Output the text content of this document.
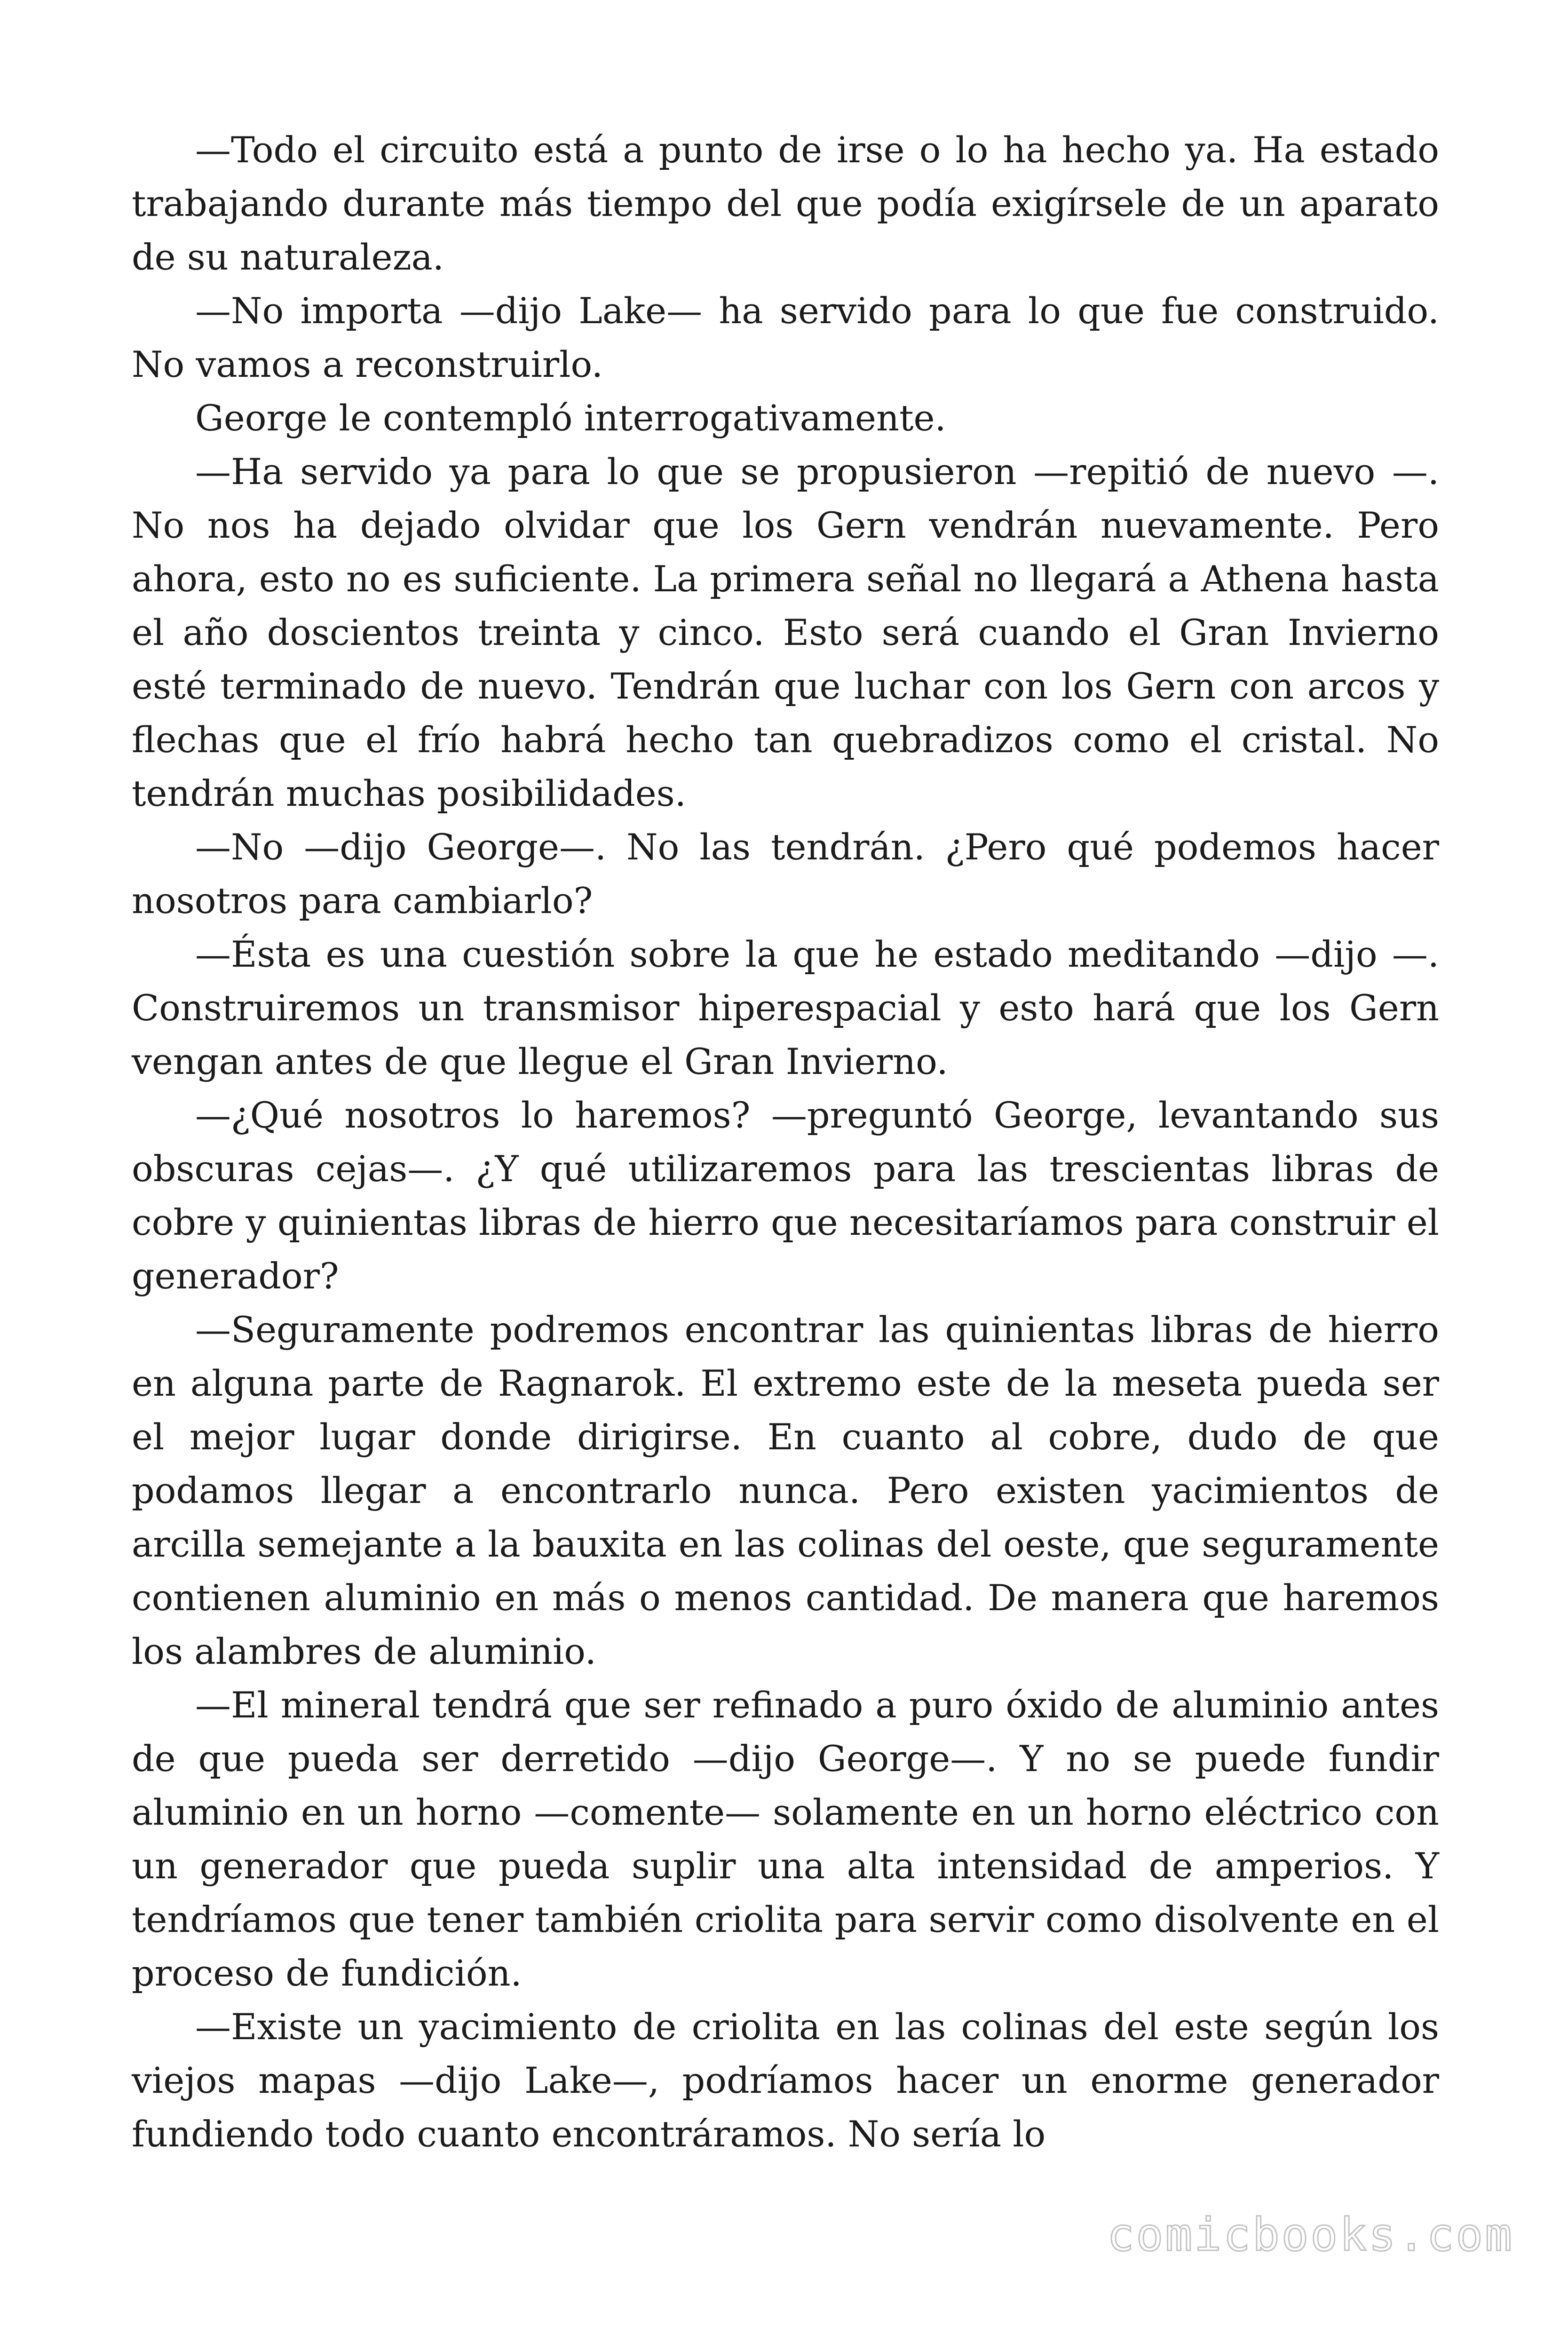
—Todo el circuito está a punto de irse o lo ha hecho ya. Ha estado trabajando durante más tiempo del que podía exigírsele de un aparato de su naturaleza.

—No importa —dijo Lake— ha servido para lo que fue construido. No vamos a reconstruirlo.

George le contempló interrogativamente.

—Ha servido ya para lo que se propusieron —repitió de nuevo —. No nos ha dejado olvidar que los Gern vendrán nuevamente. Pero ahora, esto no es suficiente. La primera señal no llegará a Athena hasta el año doscientos treinta y cinco. Esto será cuando el Gran Invierno esté terminado de nuevo. Tendrán que luchar con los Gern con arcos y flechas que el frío habrá hecho tan quebradizos como el cristal. No tendrán muchas posibilidades.

—No —dijo George—. No las tendrán. ¿Pero qué podemos hacer nosotros para cambiarlo?

—Ésta es una cuestión sobre la que he estado meditando —dijo —. Construiremos un transmisor hiperespacial y esto hará que los Gern vengan antes de que llegue el Gran Invierno.

—¿Qué nosotros lo haremos? —preguntó George, levantando sus obscuras cejas—. ¿Y qué utilizaremos para las trescientas libras de cobre y quinientas libras de hierro que necesitaríamos para construir el generador?

—Seguramente podremos encontrar las quinientas libras de hierro en alguna parte de Ragnarok. El extremo este de la meseta pueda ser el mejor lugar donde dirigirse. En cuanto al cobre, dudo de que podamos llegar a encontrarlo nunca. Pero existen yacimientos de arcilla semejante a la bauxita en las colinas del oeste, que seguramente contienen aluminio en más o menos cantidad. De manera que haremos los alambres de aluminio.

—El mineral tendrá que ser refinado a puro óxido de aluminio antes de que pueda ser derretido —dijo George—. Y no se puede fundir aluminio en un horno —comente— solamente en un horno eléctrico con un generador que pueda suplir una alta intensidad de amperios. Y tendríamos que tener también criolita para servir como disolvente en el proceso de fundición.

—Existe un yacimiento de criolita en las colinas del este según los viejos mapas —dijo Lake—, podríamos hacer un enorme generador fundiendo todo cuanto encontráramos. No sería lo

comicbooks.com
